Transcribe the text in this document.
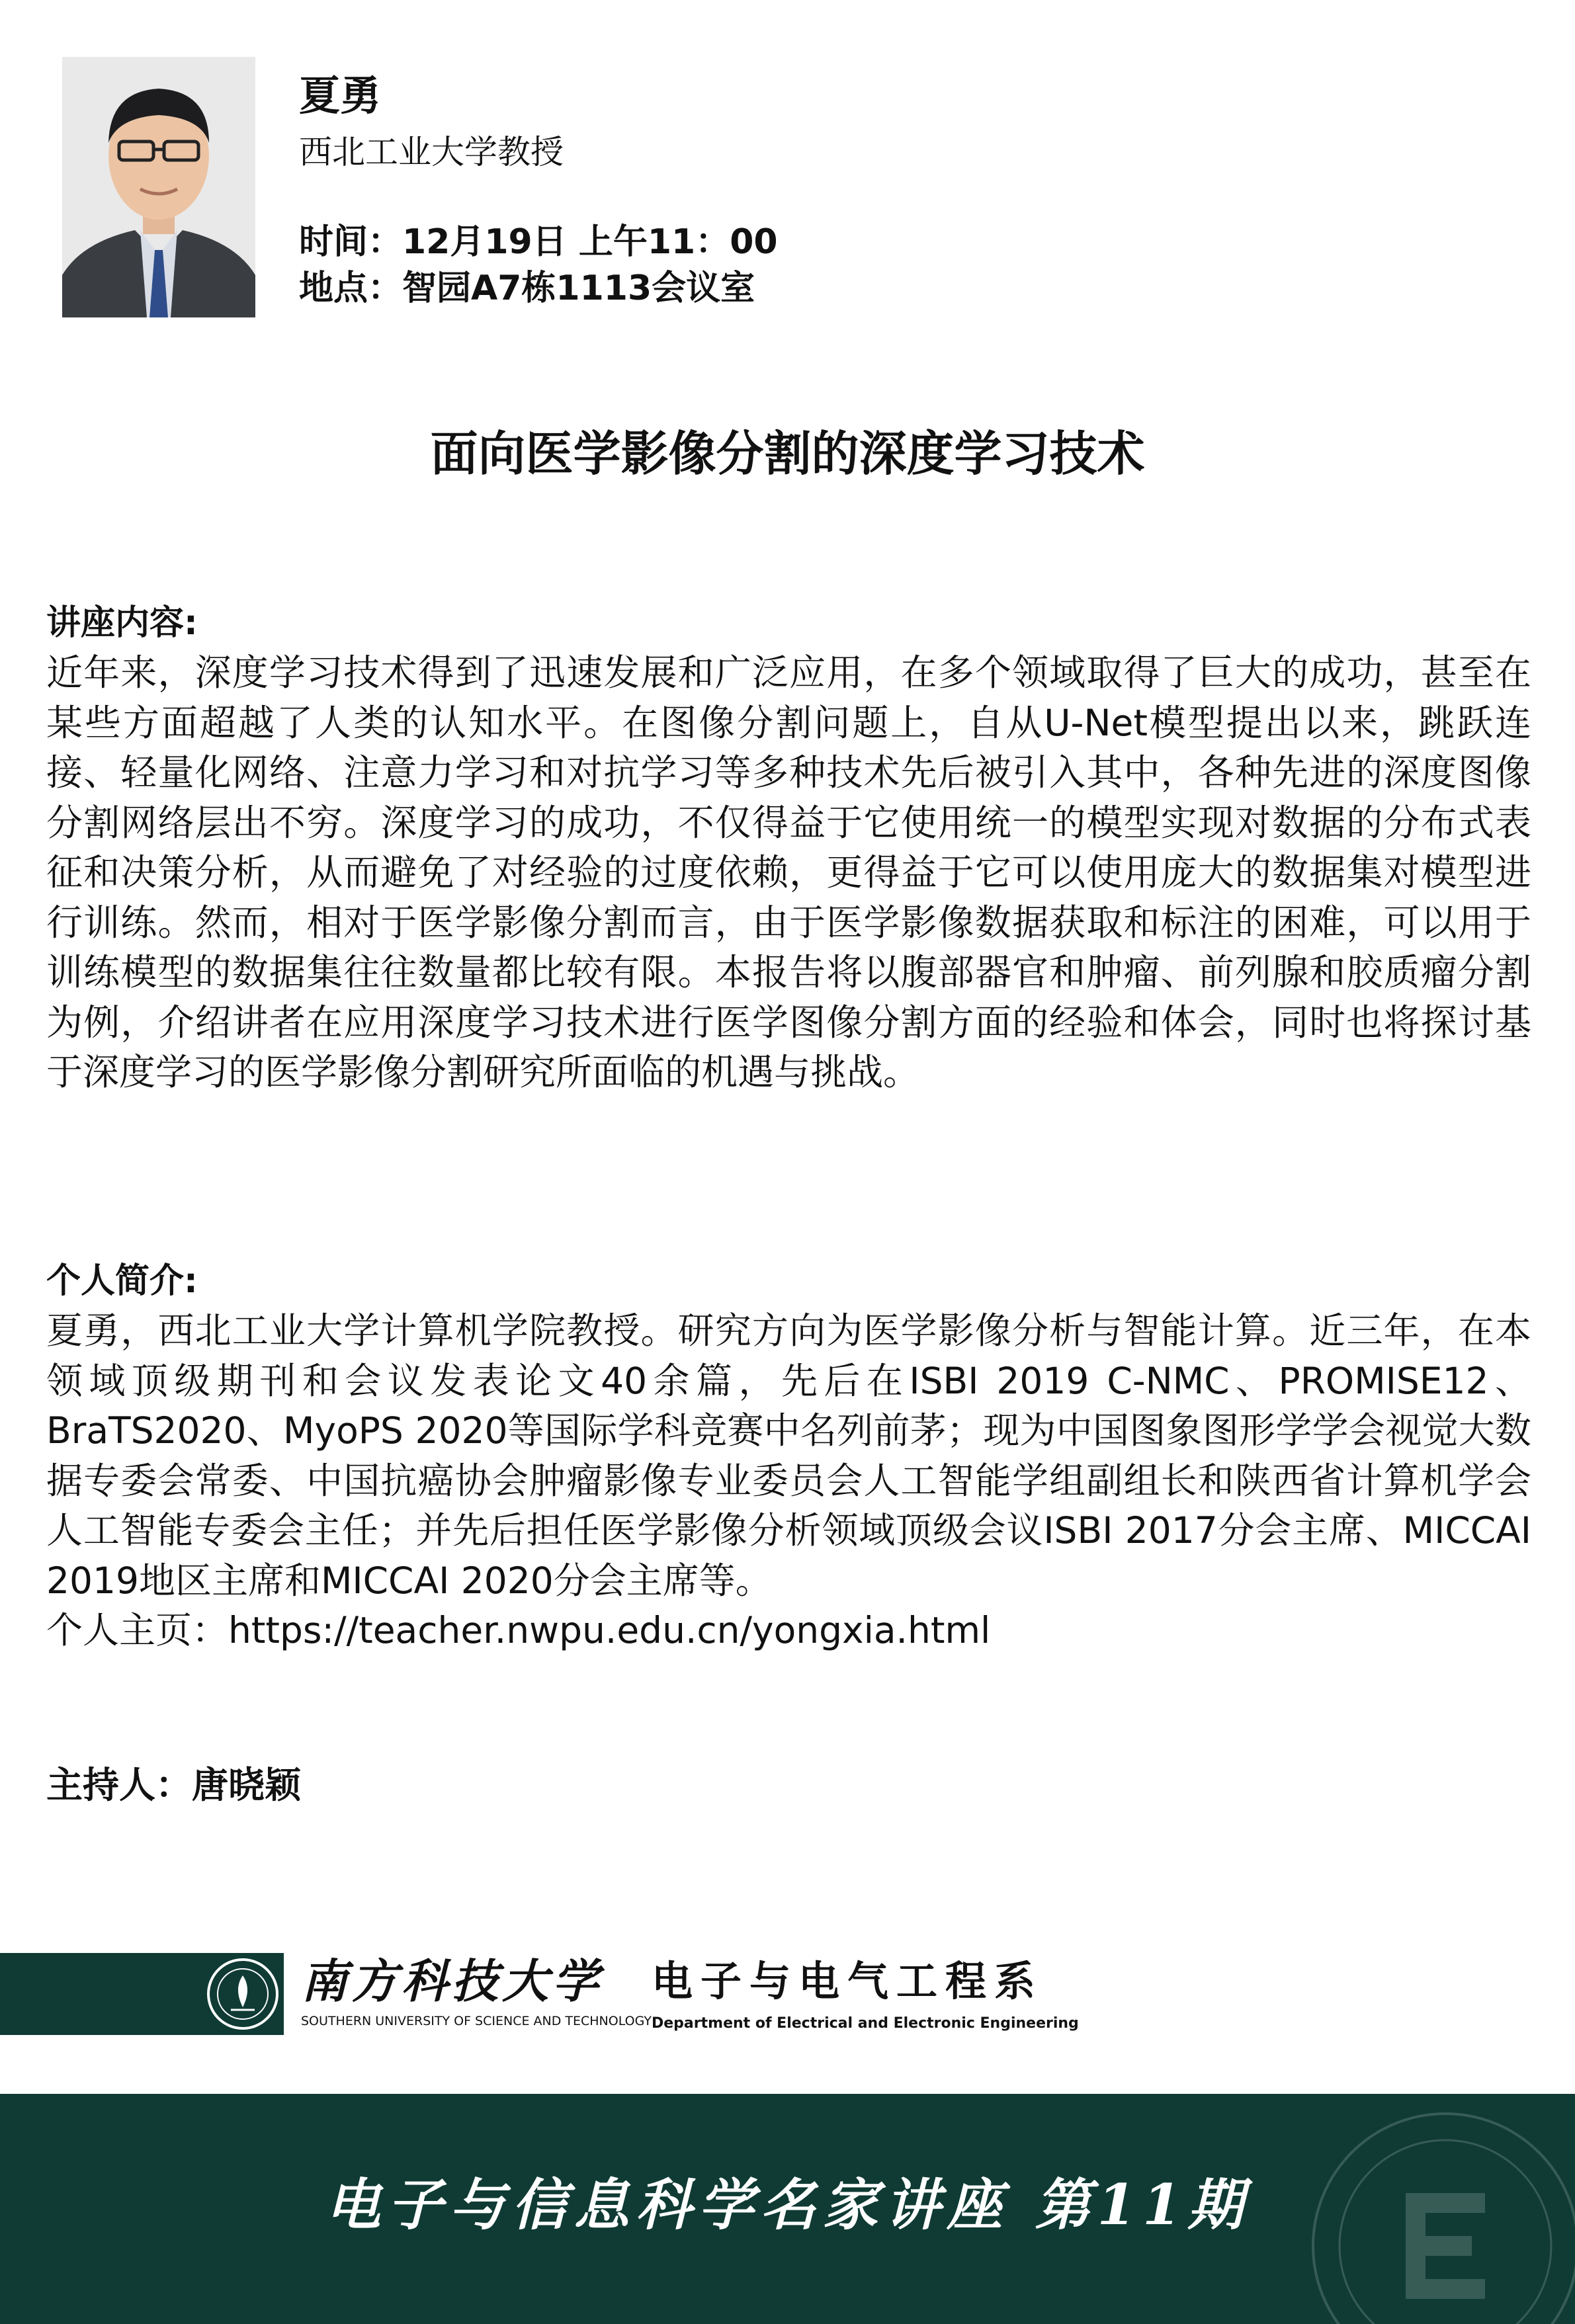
夏勇
西北工业大学教授
时间：12月19日 上午11：00
地点：智园A7栋1113会议室
面向医学影像分割的深度学习技术
讲座内容:

近年来，深度学习技术得到了迅速发展和广泛应用，在多个领域取得了巨大的成功，甚至在某些方面超越了人类的认知水平。在图像分割问题上，自从U-Net模型提出以来，跳跃连接、轻量化网络、注意力学习和对抗学习等多种技术先后被引入其中，各种先进的深度图像分割网络层出不穷。深度学习的成功，不仅得益于它使用统一的模型实现对数据的分布式表征和决策分析，从而避免了对经验的过度依赖，更得益于它可以使用庞大的数据集对模型进行训练。然而，相对于医学影像分割而言，由于医学影像数据获取和标注的困难，可以用于训练模型的数据集往往数量都比较有限。本报告将以腹部器官和肿瘤、前列腺和胶质瘤分割为例，介绍讲者在应用深度学习技术进行医学图像分割方面的经验和体会，同时也将探讨基于深度学习的医学影像分割研究所面临的机遇与挑战。

个人简介:

夏勇，西北工业大学计算机学院教授。研究方向为医学影像分析与智能计算。近三年，在本领域顶级期刊和会议发表论文40余篇，先后在ISBI 2019 C-NMC、PROMISE12、BraTS2020、MyoPS 2020等国际学科竞赛中名列前茅；现为中国图象图形学学会视觉大数据专委会常委、中国抗癌协会肿瘤影像专业委员会人工智能学组副组长和陕西省计算机学会人工智能专委会主任；并先后担任医学影像分析领域顶级会议ISBI 2017分会主席、MICCAI 2019地区主席和MICCAI 2020分会主席等。

个人主页：https://teacher.nwpu.edu.cn/yongxia.html
主持人：唐晓颖
南方科技大学
SOUTHERN UNIVERSITY OF SCIENCE AND TECHNOLOGY
电子与电气工程系
Department of Electrical and Electronic Engineering
电子与信息科学名家讲座 第11期
